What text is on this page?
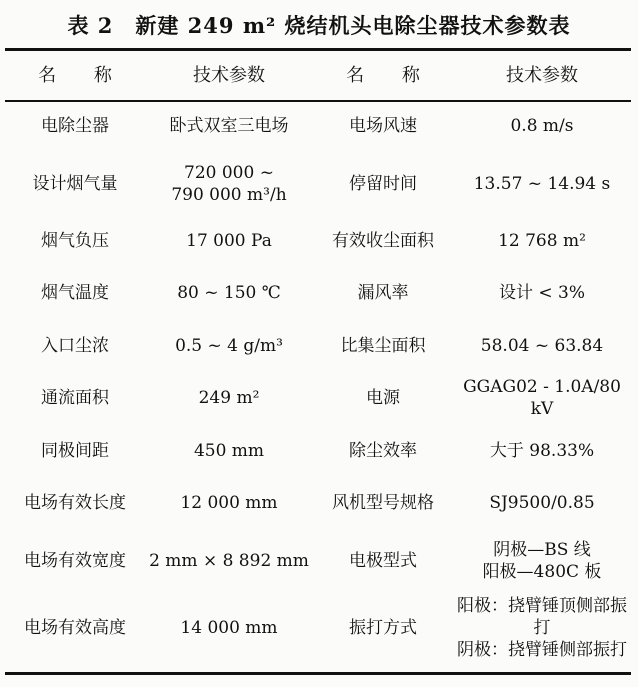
表 2　新建 249 m² 烧结机头电除尘器技术参数表
名 称	技术参数	名 称	技术参数
电除尘器	卧式双室三电场	电场风速	0.8 m/s

设计烟气量	720 000 ~
790 000 m³/h	停留时间	13.57 ~ 14.94 s

烟气负压	17 000 Pa	有效收尘面积	12 768 m²

烟气温度	80 ~ 150 ℃	漏风率	设计 < 3%

入口尘浓	0.5 ~ 4 g/m³	比集尘面积	58.04 ~ 63.84

通流面积	249 m²	电源	GGAG02 - 1.0A/80 kV

同极间距	450 mm	除尘效率	大于 98.33%

电场有效长度	12 000 mm	风机型号规格	SJ9500/0.85

电场有效宽度	2 mm × 8 892 mm	电极型式	阴极—BS 线
阳极—480C 板

电场有效高度	14 000 mm	振打方式	阳极：挠臂锤顶侧部振打
阴极：挠臂锤侧部振打
